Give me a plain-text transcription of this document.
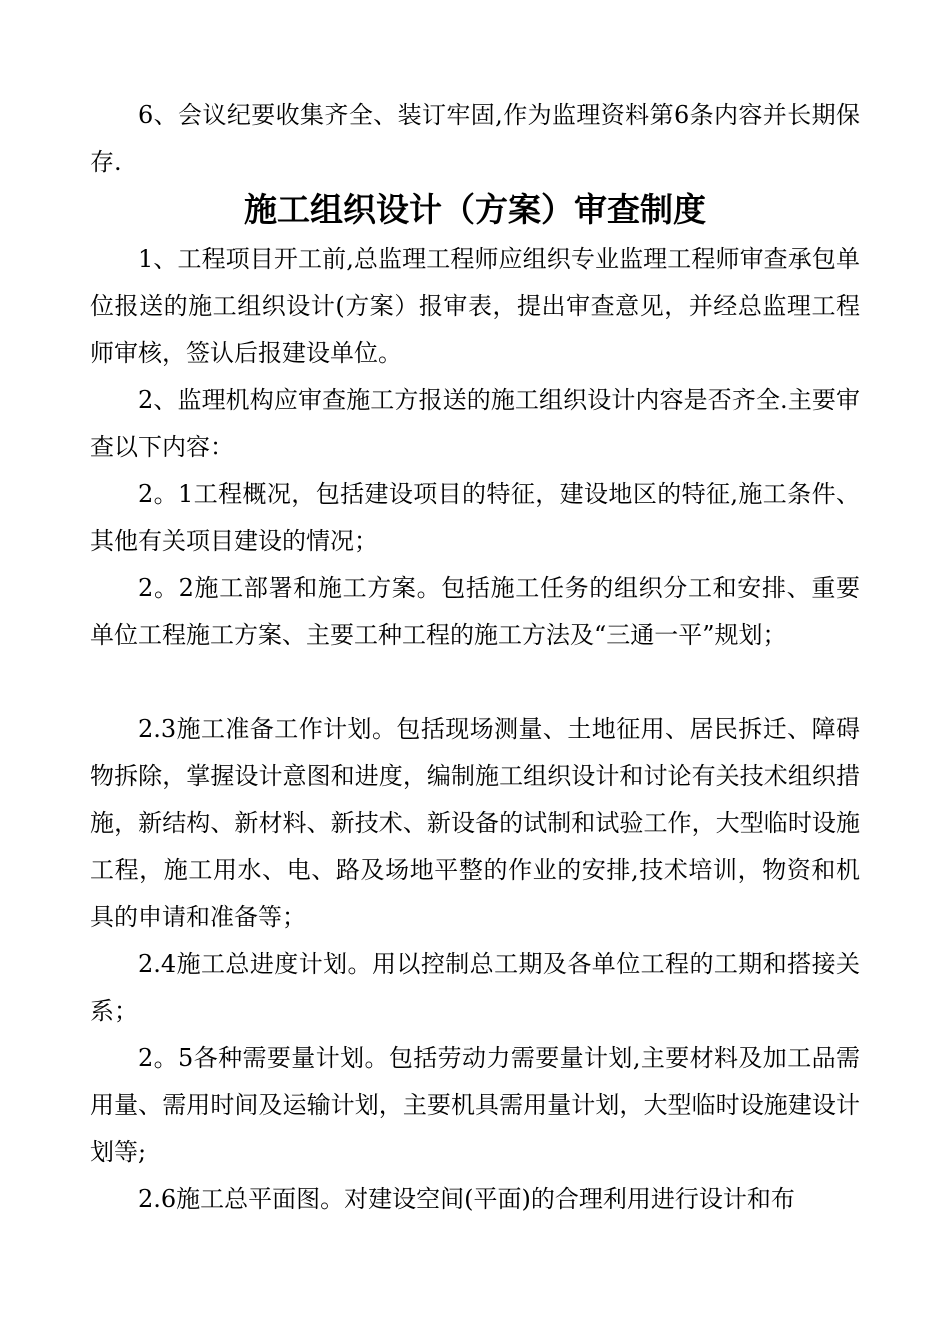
6、会议纪要收集齐全、装订牢固,作为监理资料第6条内容并长期保存.

施工组织设计（方案）审查制度

1、工程项目开工前,总监理工程师应组织专业监理工程师审查承包单位报送的施工组织设计(方案）报审表，提出审查意见，并经总监理工程师审核，签认后报建设单位。

2、监理机构应审查施工方报送的施工组织设计内容是否齐全.主要审查以下内容：

2。1工程概况，包括建设项目的特征，建设地区的特征,施工条件、其他有关项目建设的情况；

2。2施工部署和施工方案。包括施工任务的组织分工和安排、重要单位工程施工方案、主要工种工程的施工方法及“三通一平”规划；

2.3施工准备工作计划。包括现场测量、土地征用、居民拆迁、障碍物拆除，掌握设计意图和进度，编制施工组织设计和讨论有关技术组织措施，新结构、新材料、新技术、新设备的试制和试验工作，大型临时设施工程，施工用水、电、路及场地平整的作业的安排,技术培训，物资和机具的申请和准备等；

2.4施工总进度计划。用以控制总工期及各单位工程的工期和搭接关系；

2。5各种需要量计划。包括劳动力需要量计划,主要材料及加工品需用量、需用时间及运输计划，主要机具需用量计划，大型临时设施建设计划等;

2.6施工总平面图。对建设空间(平面)的合理利用进行设计和布
